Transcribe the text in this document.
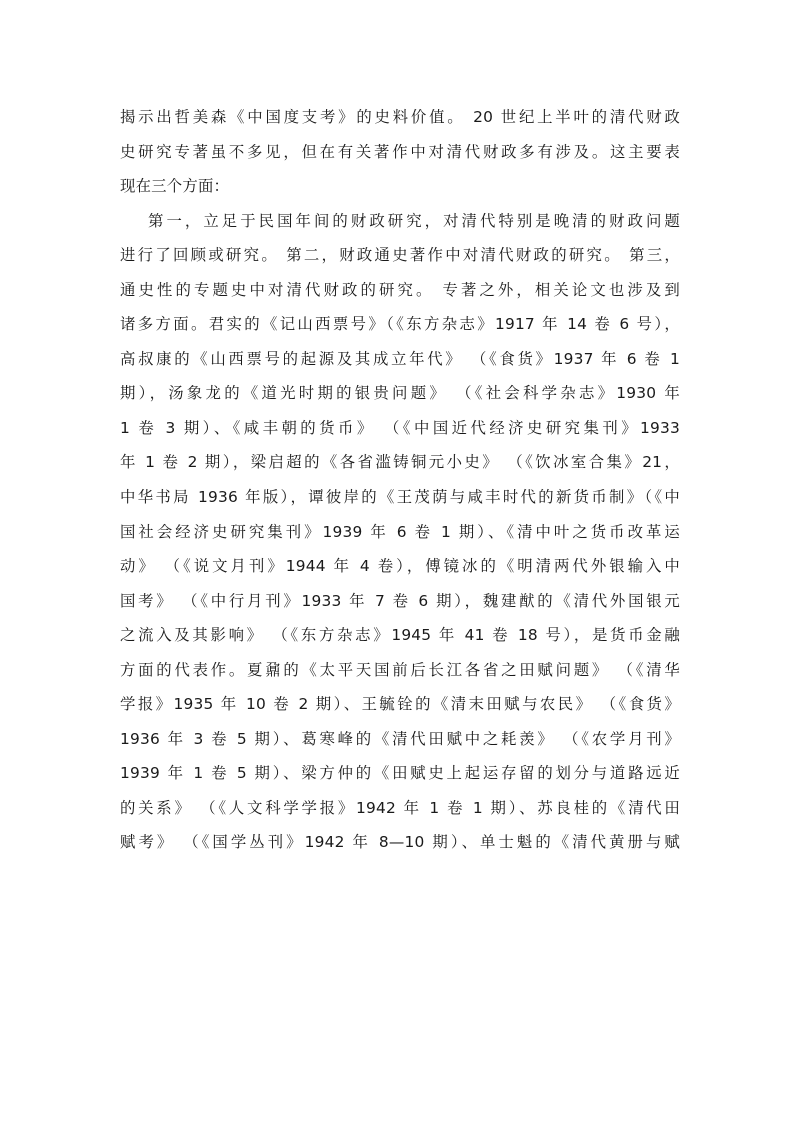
揭示出哲美森《中国度支考》的史料价值。 20 世纪上半叶的清代财政
史研究专著虽不多见，但在有关著作中对清代财政多有涉及。这主要表
现在三个方面：
第一，立足于民国年间的财政研究，对清代特别是晚清的财政问题
进行了回顾或研究。 第二，财政通史著作中对清代财政的研究。 第三，
通史性的专题史中对清代财政的研究。 专著之外，相关论文也涉及到
诸多方面。君实的《记山西票号》（《东方杂志》1917 年 14 卷 6 号），
高叔康的《山西票号的起源及其成立年代》 （《食货》1937 年 6 卷 1
期），汤象龙的《道光时期的银贵问题》 （《社会科学杂志》1930 年
1 卷 3 期）、《咸丰朝的货币》 （《中国近代经济史研究集刊》1933
年 1 卷 2 期），梁启超的《各省滥铸铜元小史》 （《饮冰室合集》21，
中华书局 1936 年版），谭彼岸的《王茂荫与咸丰时代的新货币制》（《中
国社会经济史研究集刊》1939 年 6 卷 1 期）、《清中叶之货币改革运
动》 （《说文月刊》1944 年 4 卷），傅镜冰的《明清两代外银输入中
国考》 （《中行月刊》1933 年 7 卷 6 期），魏建猷的《清代外国银元
之流入及其影响》 （《东方杂志》1945 年 41 卷 18 号），是货币金融
方面的代表作。夏鼐的《太平天国前后长江各省之田赋问题》 （《清华
学报》1935 年 10 卷 2 期）、王毓铨的《清末田赋与农民》 （《食货》
1936 年 3 卷 5 期）、葛寒峰的《清代田赋中之耗羡》 （《农学月刊》
1939 年 1 卷 5 期）、梁方仲的《田赋史上起运存留的划分与道路远近
的关系》 （《人文科学学报》1942 年 1 卷 1 期）、苏良桂的《清代田
赋考》 （《国学丛刊》1942 年 8—10 期）、单士魁的《清代黄册与赋
